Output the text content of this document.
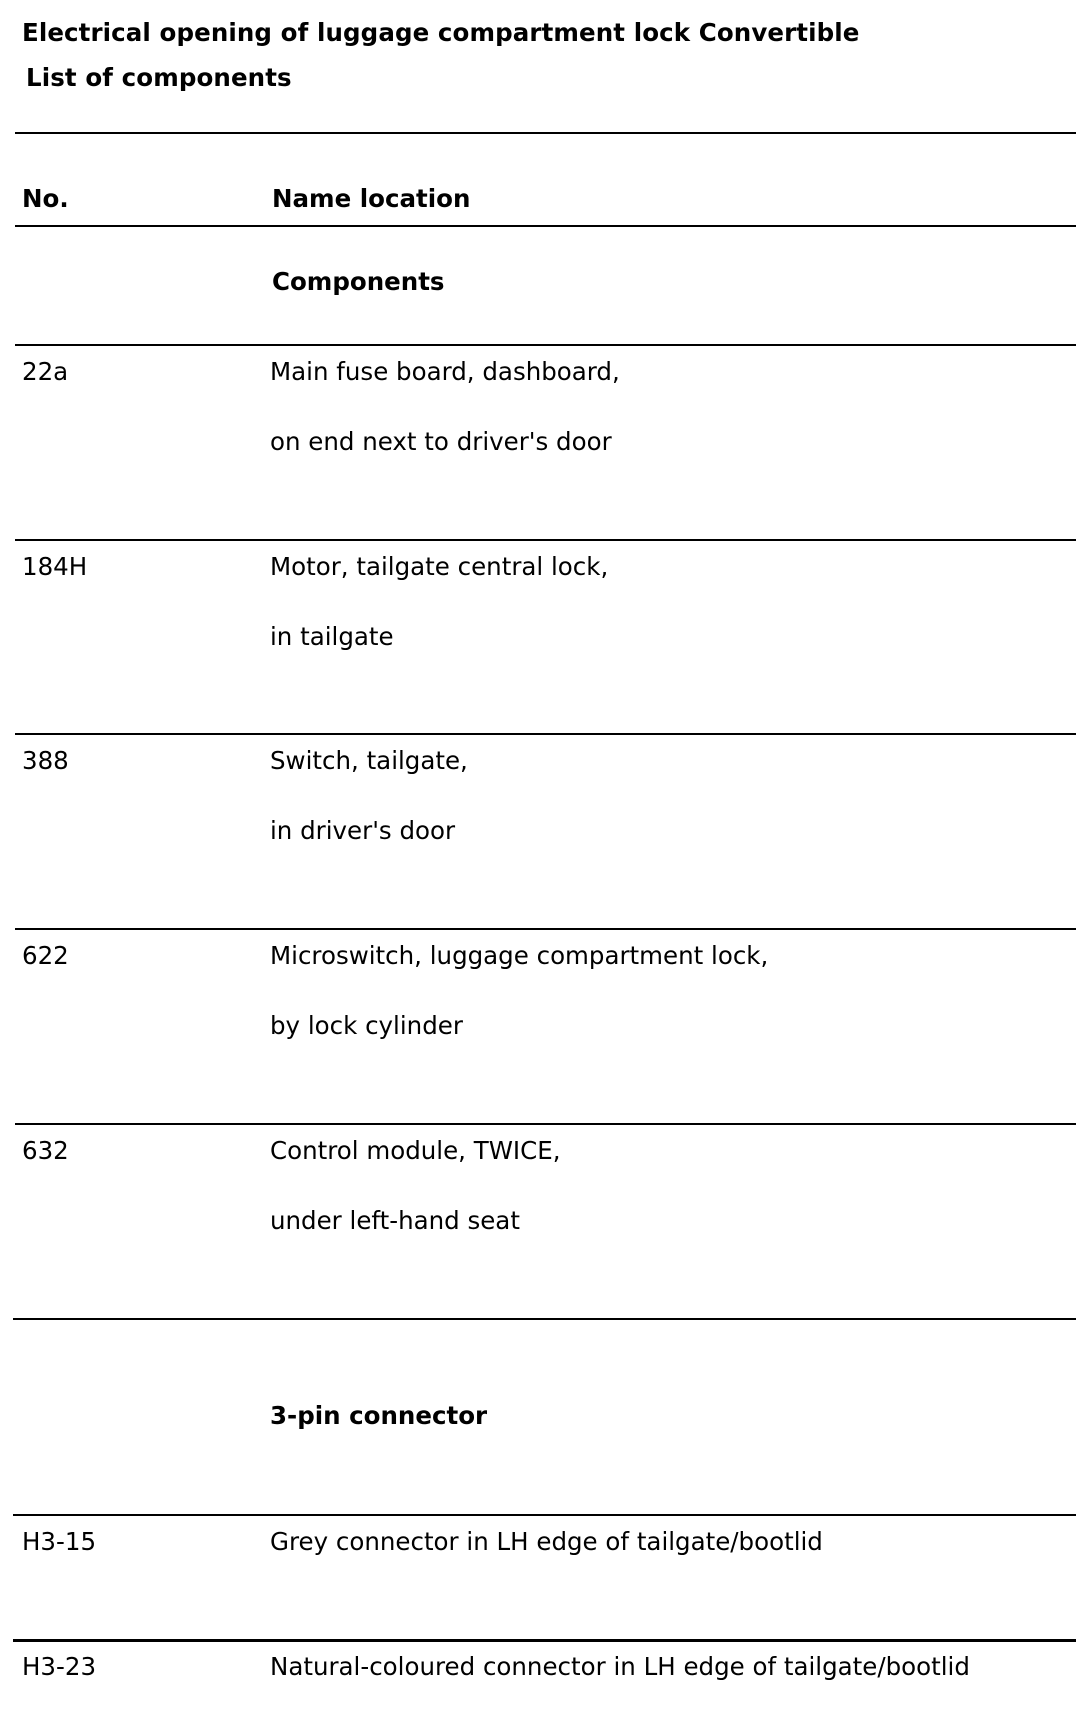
Electrical opening of luggage compartment lock Convertible
List of components
No.	Name location
Components
22a	Main fuse board, dashboard,
on end next to driver's door
184H	Motor, tailgate central lock,
in tailgate
388	Switch, tailgate,
in driver's door
622	Microswitch, luggage compartment lock,
by lock cylinder
632	Control module, TWICE,
under left-hand seat
3-pin connector
H3-15	Grey connector in LH edge of tailgate/bootlid
H3-23	Natural-coloured connector in LH edge of tailgate/bootlid
